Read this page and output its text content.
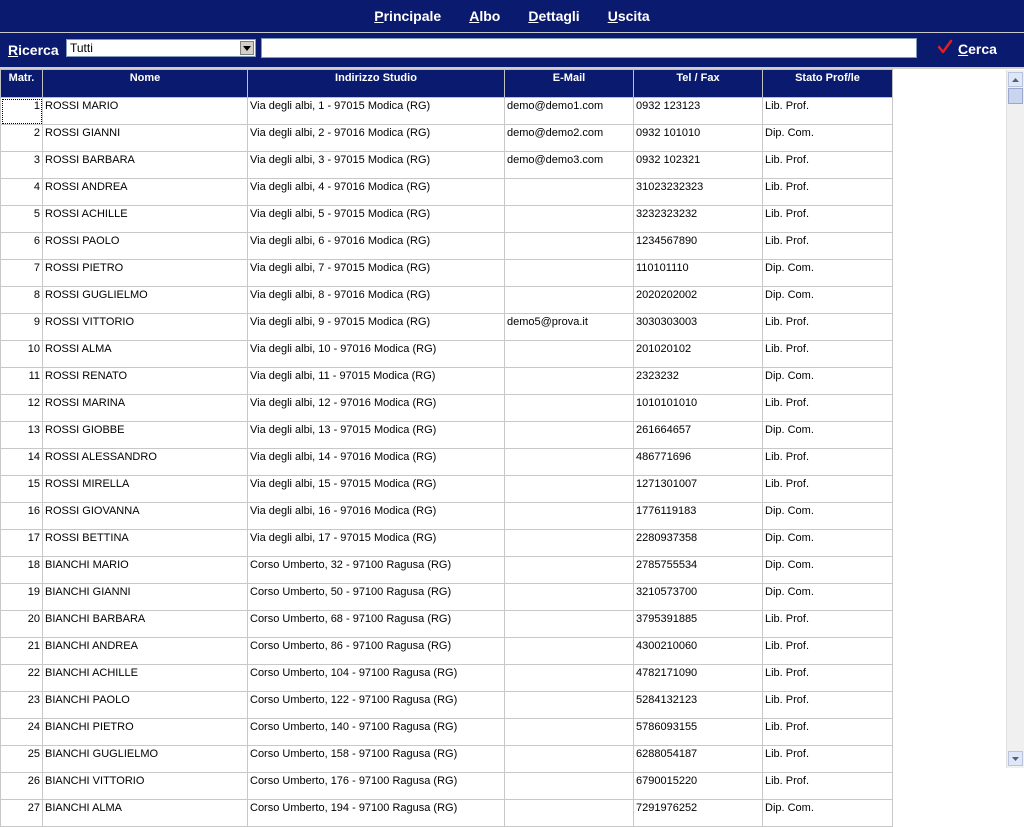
Principale Albo Dettagli Uscita
Ricerca Tutti	C erca
Matr.	Nome	Indirizzo Studio	E-Mail	Tel / Fax	Stato Prof/le
1	ROSSI MARIO	Via degli albi, 1 - 97015 Modica (RG)	demo@demo1.com	0932 123123	Lib. Prof.
2	ROSSI GIANNI	Via degli albi, 2 - 97016 Modica (RG)	demo@demo2.com	0932 101010	Dip. Com.
3	ROSSI BARBARA	Via degli albi, 3 - 97015 Modica (RG)	demo@demo3.com	0932 102321	Lib. Prof.
4	ROSSI ANDREA	Via degli albi, 4 - 97016 Modica (RG)		31023232323	Lib. Prof.
5	ROSSI ACHILLE	Via degli albi, 5 - 97015 Modica (RG)		3232323232	Lib. Prof.
6	ROSSI PAOLO	Via degli albi, 6 - 97016 Modica (RG)		1234567890	Lib. Prof.
7	ROSSI PIETRO	Via degli albi, 7 - 97015 Modica (RG)		110101110	Dip. Com.
8	ROSSI GUGLIELMO	Via degli albi, 8 - 97016 Modica (RG)		2020202002	Dip. Com.
9	ROSSI VITTORIO	Via degli albi, 9 - 97015 Modica (RG)	demo5@prova.it	3030303003	Lib. Prof.
10	ROSSI ALMA	Via degli albi, 10 - 97016 Modica (RG)		201020102	Lib. Prof.
11	ROSSI RENATO	Via degli albi, 11 - 97015 Modica (RG)		2323232	Dip. Com.
12	ROSSI MARINA	Via degli albi, 12 - 97016 Modica (RG)		1010101010	Lib. Prof.
13	ROSSI GIOBBE	Via degli albi, 13 - 97015 Modica (RG)		261664657	Dip. Com.
14	ROSSI ALESSANDRO	Via degli albi, 14 - 97016 Modica (RG)		486771696	Lib. Prof.
15	ROSSI MIRELLA	Via degli albi, 15 - 97015 Modica (RG)		1271301007	Lib. Prof.
16	ROSSI GIOVANNA	Via degli albi, 16 - 97016 Modica (RG)		1776119183	Dip. Com.
17	ROSSI BETTINA	Via degli albi, 17 - 97015 Modica (RG)		2280937358	Dip. Com.
18	BIANCHI MARIO	Corso Umberto, 32 - 97100 Ragusa (RG)		2785755534	Dip. Com.
19	BIANCHI GIANNI	Corso Umberto, 50 - 97100 Ragusa (RG)		3210573700	Dip. Com.
20	BIANCHI BARBARA	Corso Umberto, 68 - 97100 Ragusa (RG)		3795391885	Lib. Prof.
21	BIANCHI ANDREA	Corso Umberto, 86 - 97100 Ragusa (RG)		4300210060	Lib. Prof.
22	BIANCHI ACHILLE	Corso Umberto, 104 - 97100 Ragusa (RG)		4782171090	Lib. Prof.
23	BIANCHI PAOLO	Corso Umberto, 122 - 97100 Ragusa (RG)		5284132123	Lib. Prof.
24	BIANCHI PIETRO	Corso Umberto, 140 - 97100 Ragusa (RG)		5786093155	Lib. Prof.
25	BIANCHI GUGLIELMO	Corso Umberto, 158 - 97100 Ragusa (RG)		6288054187	Lib. Prof.
26	BIANCHI VITTORIO	Corso Umberto, 176 - 97100 Ragusa (RG)		6790015220	Lib. Prof.
27	BIANCHI ALMA	Corso Umberto, 194 - 97100 Ragusa (RG)		7291976252	Dip. Com.
